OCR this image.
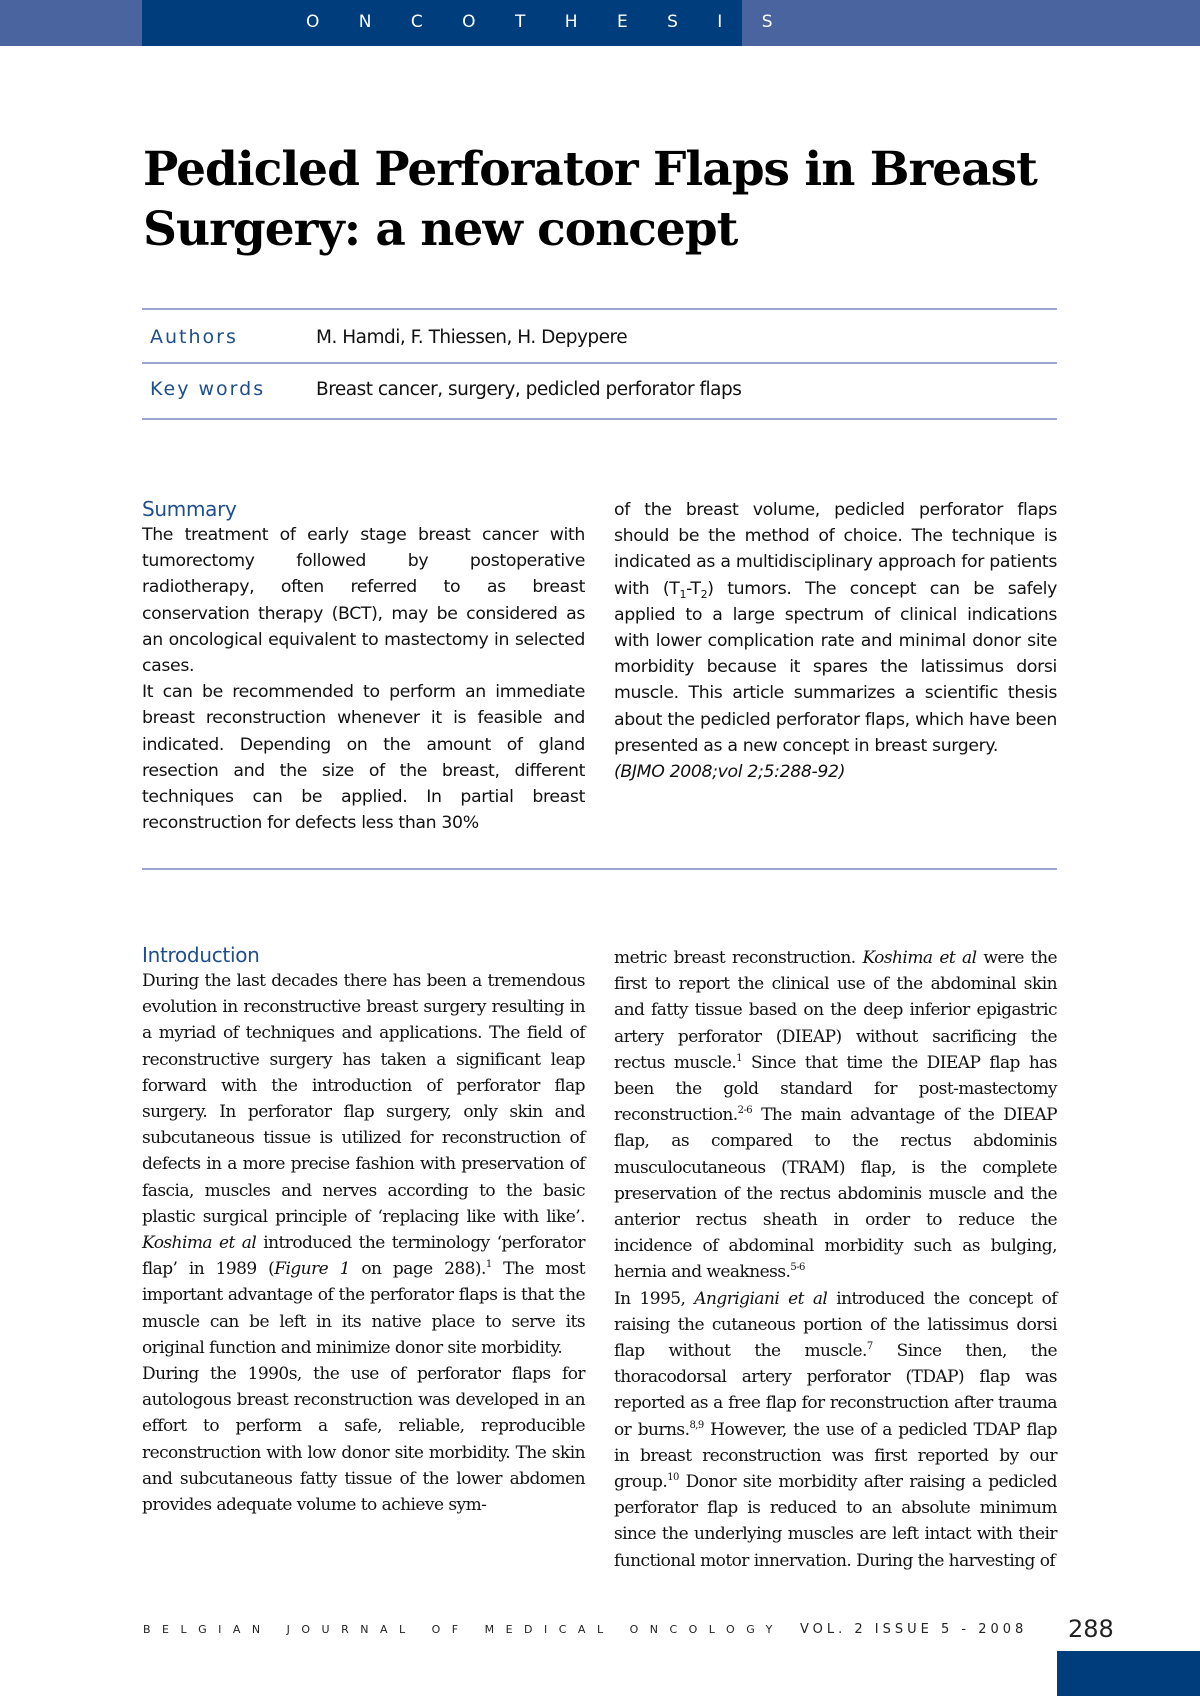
O N C O T H E S I S
Pedicled Perforator Flaps in Breast
Surgery: a new concept
Authors	M. Hamdi, F. Thiessen, H. Depypere
Key words	Breast cancer, surgery, pedicled perforator flaps
Summary

The treatment of early stage breast cancer with tumorectomy followed by postoperative radiotherapy, often referred to as breast conservation therapy (BCT), may be considered as an oncological equivalent to mastectomy in selected cases.

It can be recommended to perform an immediate breast reconstruction whenever it is feasible and indicated. Depending on the amount of gland resection and the size of the breast, different techniques can be applied. In partial breast reconstruction for defects less than 30%

of the breast volume, pedicled perforator flaps should be the method of choice. The technique is indicated as a multidisciplinary approach for patients with $(T_1-T_2)$ tumors. The concept can be safely applied to a large spectrum of clinical indications with lower complication rate and minimal donor site morbidity because it spares the latissimus dorsi muscle. This article summarizes a scientific thesis about the pedicled perforator flaps, which have been presented as a new concept in breast surgery.

(BJMO 2008;vol 2;5:288-92)

Introduction

During the last decades there has been a tremendous evolution in reconstructive breast surgery resulting in a myriad of techniques and applications. The field of reconstructive surgery has taken a significant leap forward with the introduction of perforator flap surgery. In perforator flap surgery, only skin and subcutaneous tissue is utilized for reconstruction of defects in a more precise fashion with preservation of fascia, muscles and nerves according to the basic plastic surgical principle of ‘replacing like with like’. Koshima et al introduced the terminology ‘perforator flap’ in 1989 (Figure 1 on page 288).$^1$ The most important advantage of the perforator flaps is that the muscle can be left in its native place to serve its original function and minimize donor site morbidity.

During the 1990s, the use of perforator flaps for autologous breast reconstruction was developed in an effort to perform a safe, reliable, reproducible reconstruction with low donor site morbidity. The skin and subcutaneous fatty tissue of the lower abdomen provides adequate volume to achieve sym-

metric breast reconstruction. Koshima et al were the first to report the clinical use of the abdominal skin and fatty tissue based on the deep inferior epigastric artery perforator (DIEAP) without sacrificing the rectus muscle.$^1$ Since that time the DIEAP flap has been the gold standard for post-mastectomy reconstruction.$^{2-6}$ The main advantage of the DIEAP flap, as compared to the rectus abdominis musculocutaneous (TRAM) flap, is the complete preservation of the rectus abdominis muscle and the anterior rectus sheath in order to reduce the incidence of abdominal morbidity such as bulging, hernia and weakness.$^{5-6}$

In 1995, Angrigiani et al introduced the concept of raising the cutaneous portion of the latissimus dorsi flap without the muscle.$^7$ Since then, the thoracodorsal artery perforator (TDAP) flap was reported as a free flap for reconstruction after trauma or burns.$^{8,9}$ However, the use of a pedicled TDAP flap in breast reconstruction was first reported by our group.$^{10}$ Donor site morbidity after raising a pedicled perforator flap is reduced to an absolute minimum since the underlying muscles are left intact with their functional motor innervation. During the harvesting of

BELGIAN JOURNAL OF MEDICAL ONCOLOGY VOL. 2 ISSUE 5 - 2008 288
